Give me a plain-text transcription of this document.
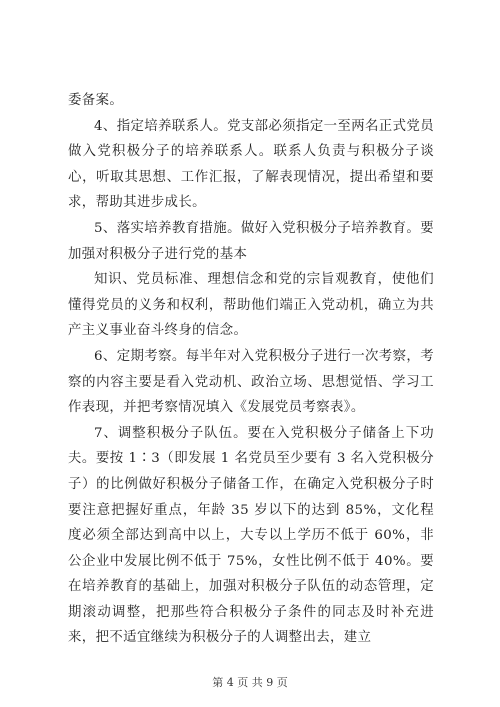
委备案。

4、指定培养联系人。党支部必须指定一至两名正式党员做入党积极分子的培养联系人。联系人负责与积极分子谈心，听取其思想、工作汇报，了解表现情况，提出希望和要求，帮助其进步成长。

5、落实培养教育措施。做好入党积极分子培养教育。要加强对积极分子进行党的基本

知识、党员标准、理想信念和党的宗旨观教育，使他们懂得党员的义务和权利，帮助他们端正入党动机，确立为共产主义事业奋斗终身的信念。

6、定期考察。每半年对入党积极分子进行一次考察，考察的内容主要是看入党动机、政治立场、思想觉悟、学习工作表现，并把考察情况填入《发展党员考察表》。

7、调整积极分子队伍。要在入党积极分子储备上下功夫。要按 1∶3（即发展 1 名党员至少要有 3 名入党积极分子）的比例做好积极分子储备工作，在确定入党积极分子时要注意把握好重点，年龄 35 岁以下的达到 85%，文化程度必须全部达到高中以上，大专以上学历不低于 60%，非公企业中发展比例不低于 75%，女性比例不低于 40%。要在培养教育的基础上，加强对积极分子队伍的动态管理，定期滚动调整，把那些符合积极分子条件的同志及时补充进来，把不适宜继续为积极分子的人调整出去，建立

第 4 页 共 9 页
